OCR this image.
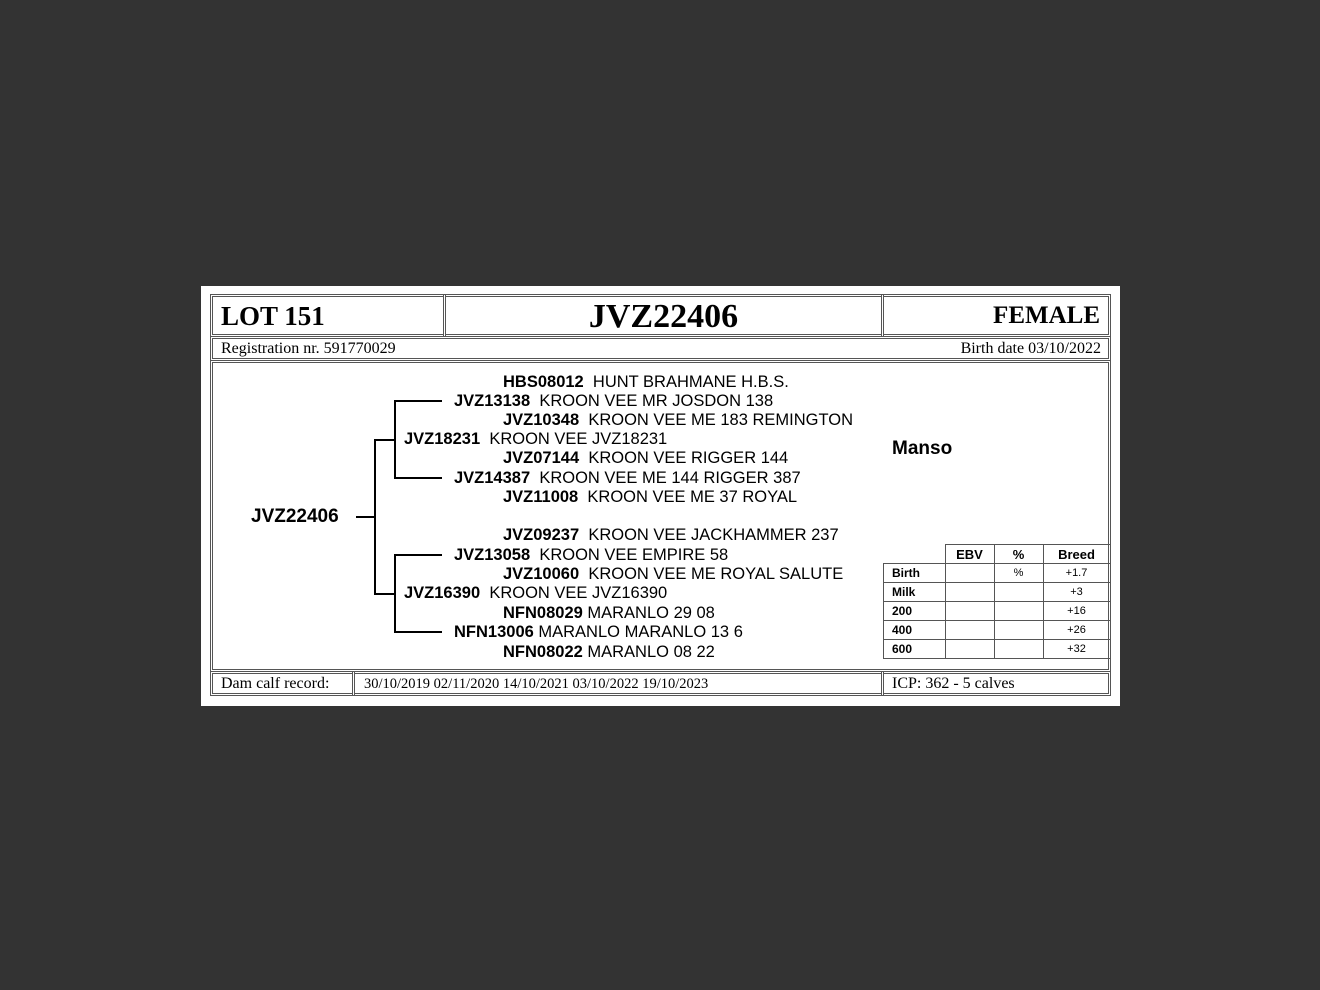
LOT 151	JVZ22406	FEMALE
Registration nr. 591770029	Birth date 03/10/2022
JVZ22406
HBS08012 HUNT BRAHMANE H.B.S.
JVZ13138 KROON VEE MR JOSDON 138
JVZ10348 KROON VEE ME 183 REMINGTON
JVZ18231 KROON VEE JVZ18231
JVZ07144 KROON VEE RIGGER 144
JVZ14387 KROON VEE ME 144 RIGGER 387
JVZ11008 KROON VEE ME 37 ROYAL
JVZ09237 KROON VEE JACKHAMMER 237
JVZ13058 KROON VEE EMPIRE 58
JVZ10060 KROON VEE ME ROYAL SALUTE
JVZ16390 KROON VEE JVZ16390
NFN08029 MARANLO 29 08
NFN13006 MARANLO MARANLO 13 6
NFN08022 MARANLO 08 22
Manso
	EBV	%	Breed
Birth		%	+1.7
Milk			+3
200			+16
400			+26
600			+32
Dam calf record: 30/10/2019 02/11/2020 14/10/2021 03/10/2022 19/10/2023	ICP: 362 - 5 calves
